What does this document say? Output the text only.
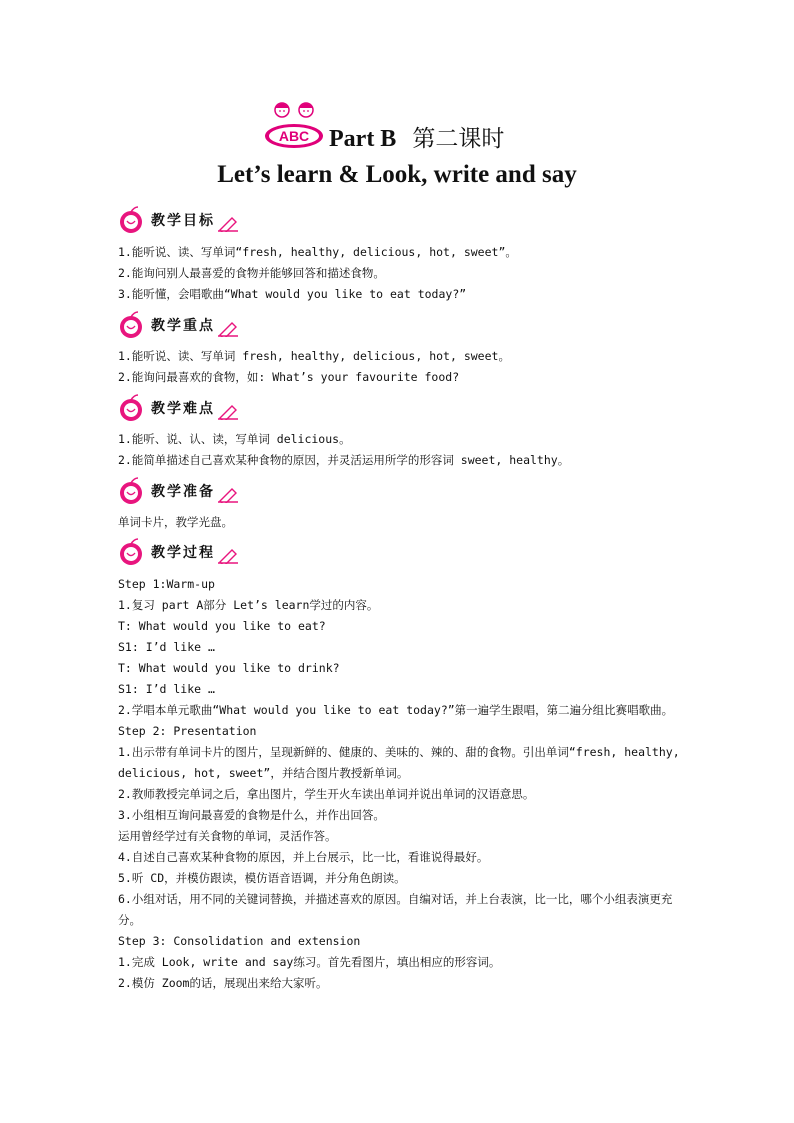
ABC Part B 第二课时
Let’s learn & Look, write and say
教学目标
1.能听说、读、写单词“fresh, healthy, delicious, hot, sweet”。
2.能询问别人最喜爱的食物并能够回答和描述食物。
3.能听懂，会唱歌曲“What would you like to eat today?”
教学重点
1.能听说、读、写单词 fresh, healthy, delicious, hot, sweet。
2.能询问最喜欢的食物，如: What’s your favourite food?
教学难点
1.能听、说、认、读，写单词 delicious。
2.能简单描述自己喜欢某种食物的原因，并灵活运用所学的形容词 sweet, healthy。
教学准备
单词卡片，教学光盘。
教学过程
Step 1:Warm-up
1.复习 part A部分 Let’s learn学过的内容。
T: What would you like to eat?
S1: I’d like …
T: What would you like to drink?
S1: I’d like …
2.学唱本单元歌曲“What would you like to eat today?”第一遍学生跟唱，第二遍分组比赛唱歌曲。
Step 2: Presentation
1.出示带有单词卡片的图片，呈现新鲜的、健康的、美味的、辣的、甜的食物。引出单词“fresh, healthy, delicious, hot, sweet”，并结合图片教授新单词。
2.教师教授完单词之后，拿出图片，学生开火车读出单词并说出单词的汉语意思。
3.小组相互询问最喜爱的食物是什么，并作出回答。
运用曾经学过有关食物的单词，灵活作答。
4.自述自己喜欢某种食物的原因，并上台展示，比一比，看谁说得最好。
5.听 CD，并模仿跟读，模仿语音语调，并分角色朗读。
6.小组对话，用不同的关键词替换，并描述喜欢的原因。自编对话，并上台表演，比一比，哪个小组表演更充分。
Step 3: Consolidation and extension
1.完成 Look, write and say练习。首先看图片，填出相应的形容词。
2.模仿 Zoom的话，展现出来给大家听。
